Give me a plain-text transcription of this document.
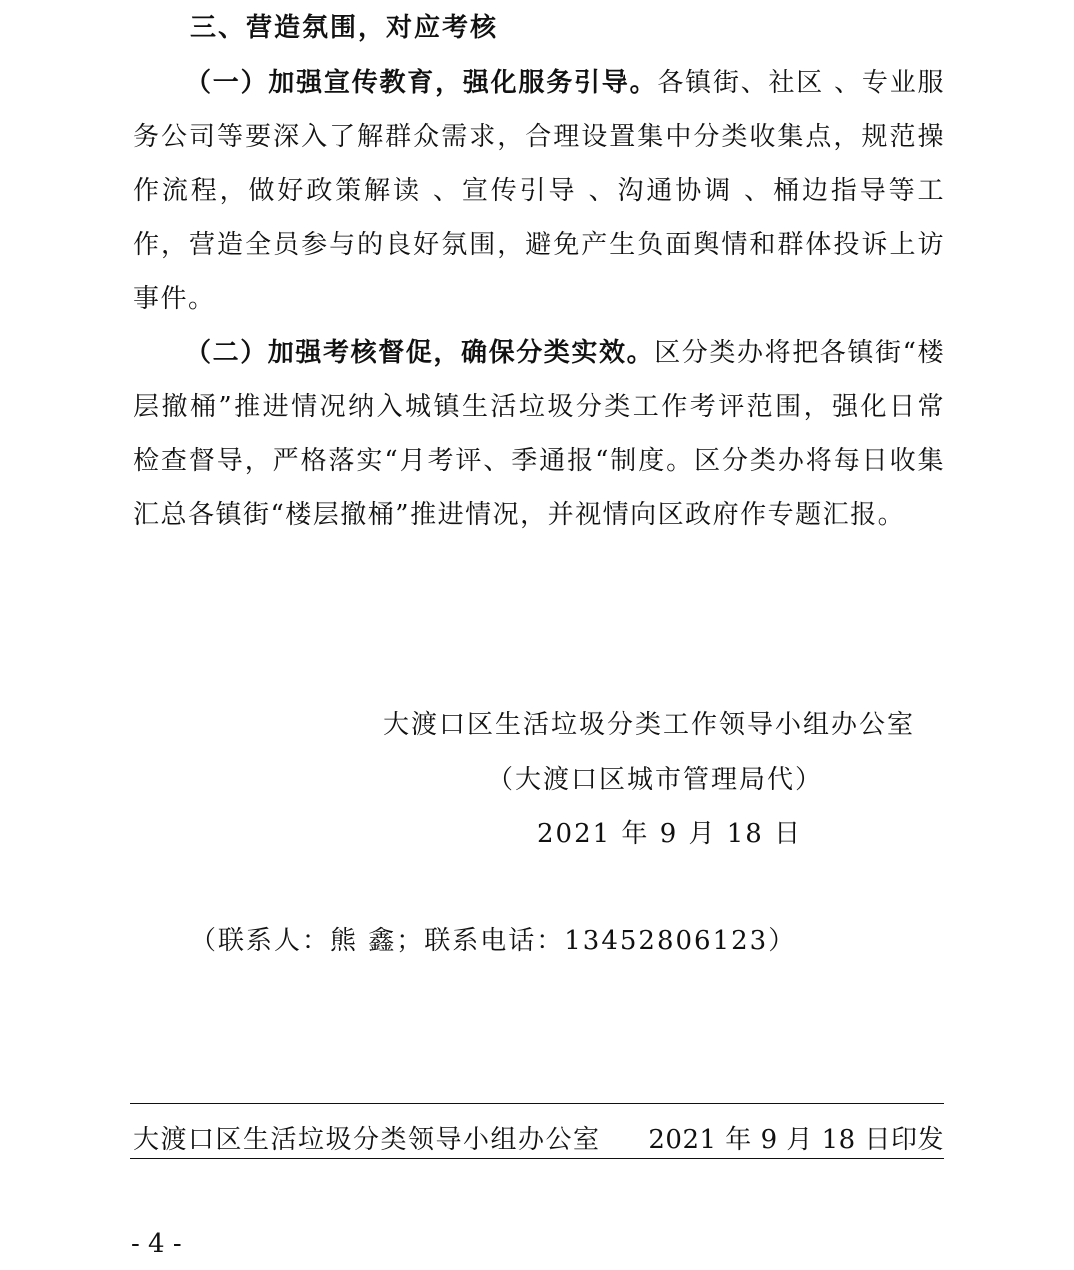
三、营造氛围，对应考核
（一）加强宣传教育，强化服务引导。各镇街、社区 、专业服务公司等要深入了解群众需求，合理设置集中分类收集点，规范操作流程，做好政策解读 、宣传引导 、沟通协调 、桶边指导等工作，营造全员参与的良好氛围，避免产生负面舆情和群体投诉上访事件。
（二）加强考核督促，确保分类实效。区分类办将把各镇街“楼层撤桶”推进情况纳入城镇生活垃圾分类工作考评范围，强化日常检查督导，严格落实“月考评、季通报“制度。区分类办将每日收集汇总各镇街“楼层撤桶”推进情况，并视情向区政府作专题汇报。
大渡口区生活垃圾分类工作领导小组办公室
（大渡口区城市管理局代）
2021 年 9 月 18 日
（联系人：熊 鑫；联系电话：13452806123）
大渡口区生活垃圾分类领导小组办公室 2021 年 9 月 18 日印发
- 4 -
